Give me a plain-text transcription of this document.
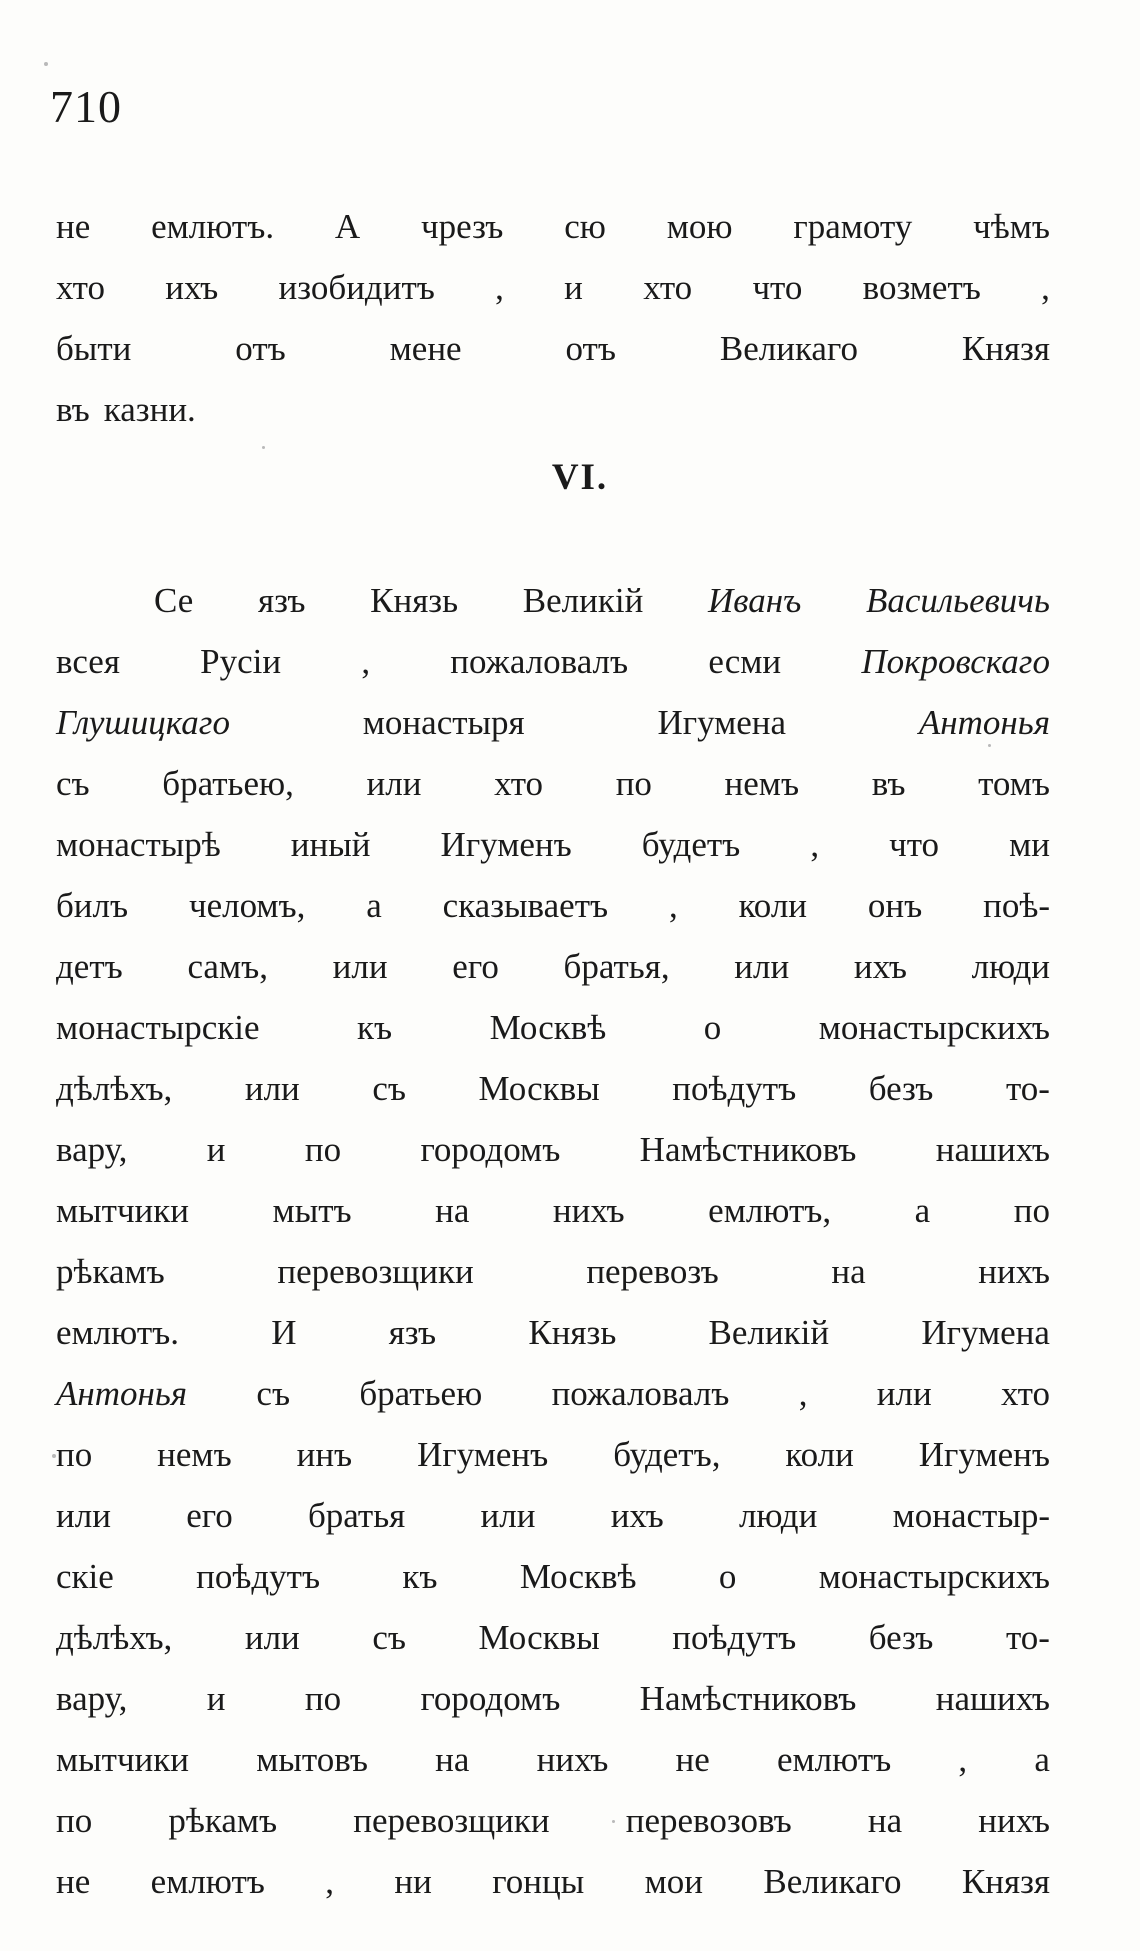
710
не емлютъ. А чрезъ сю мою грамоту чѣмъ
хто ихъ изобидитъ , и хто что возметъ ,
быти	отъ	мене	отъ	Великаго	Князя
въ казни.
VI.
Се язъ Князь Великій Иванъ Васильевичь
всея Русіи , пожаловалъ есми Покровскаго
Глушицкаго	монастыря	Игумена	Антонья
съ братьею, или хто по немъ въ томъ
монастырѣ иный Игуменъ будетъ , что ми
билъ челомъ, а сказываетъ , коли онъ поѣ-
детъ самъ, или его братья, или ихъ люди
монастырскіе	къ	Москвѣ	о	монастырскихъ
дѣлѣхъ, или съ Москвы поѣдутъ безъ то-
вару, и по городомъ Намѣстниковъ нашихъ
мытчики мытъ на нихъ емлютъ, а по
рѣкамъ	перевозщики	перевозъ	на	нихъ
емлютъ.	И	язъ	Князь	Великій	Игумена
Антонья съ братьею пожаловалъ , или хто
по немъ инъ Игуменъ будетъ, коли Игуменъ
или его братья или ихъ люди монастыр-
скіе поѣдутъ къ Москвѣ о монастырскихъ
дѣлѣхъ, или съ Москвы поѣдутъ безъ то-
вару, и по городомъ Намѣстниковъ нашихъ
мытчики мытовъ на нихъ не емлютъ , а
по рѣкамъ перевозщики перевозовъ на нихъ
не емлютъ , ни гонцы мои Великаго Князя
